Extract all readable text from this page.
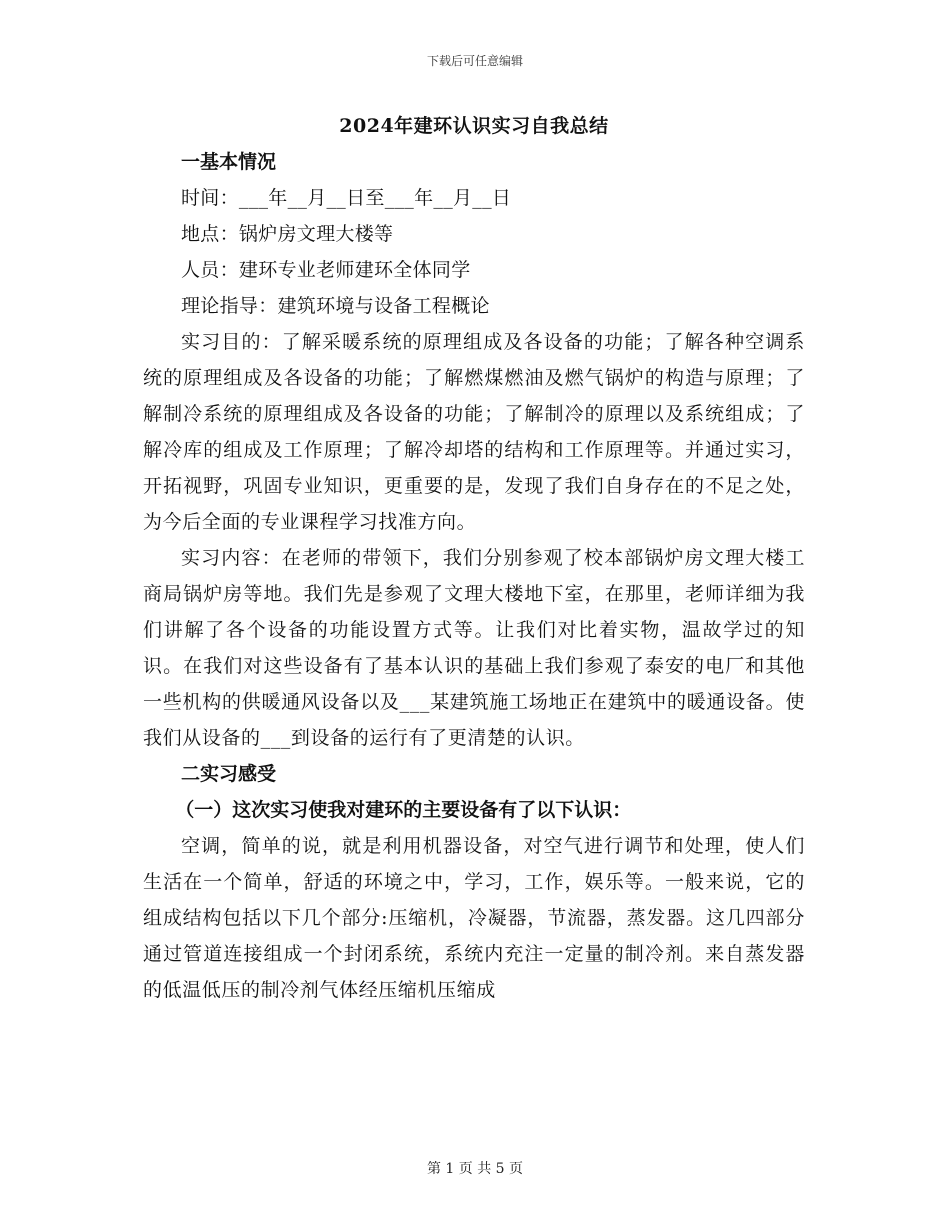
下载后可任意编辑

2024年建环认识实习自我总结

一基本情况

时间：___年__月__日至___年__月__日

地点：锅炉房文理大楼等

人员：建环专业老师建环全体同学

理论指导：建筑环境与设备工程概论

实习目的：了解采暖系统的原理组成及各设备的功能；了解各种空调系统的原理组成及各设备的功能；了解燃煤燃油及燃气锅炉的构造与原理；了解制冷系统的原理组成及各设备的功能；了解制冷的原理以及系统组成；了解冷库的组成及工作原理；了解冷却塔的结构和工作原理等。并通过实习，开拓视野，巩固专业知识，更重要的是，发现了我们自身存在的不足之处，为今后全面的专业课程学习找准方向。

实习内容：在老师的带领下，我们分别参观了校本部锅炉房文理大楼工商局锅炉房等地。我们先是参观了文理大楼地下室，在那里，老师详细为我们讲解了各个设备的功能设置方式等。让我们对比着实物，温故学过的知识。在我们对这些设备有了基本认识的基础上我们参观了泰安的电厂和其他一些机构的供暖通风设备以及___某建筑施工场地正在建筑中的暖通设备。使我们从设备的___到设备的运行有了更清楚的认识。

二实习感受

（一）这次实习使我对建环的主要设备有了以下认识：

空调，简单的说，就是利用机器设备，对空气进行调节和处理，使人们生活在一个简单，舒适的环境之中，学习，工作，娱乐等。一般来说，它的组成结构包括以下几个部分:压缩机，冷凝器，节流器，蒸发器。这几四部分通过管道连接组成一个封闭系统，系统内充注一定量的制冷剂。来自蒸发器的低温低压的制冷剂气体经压缩机压缩成

第 1 页 共 5 页
